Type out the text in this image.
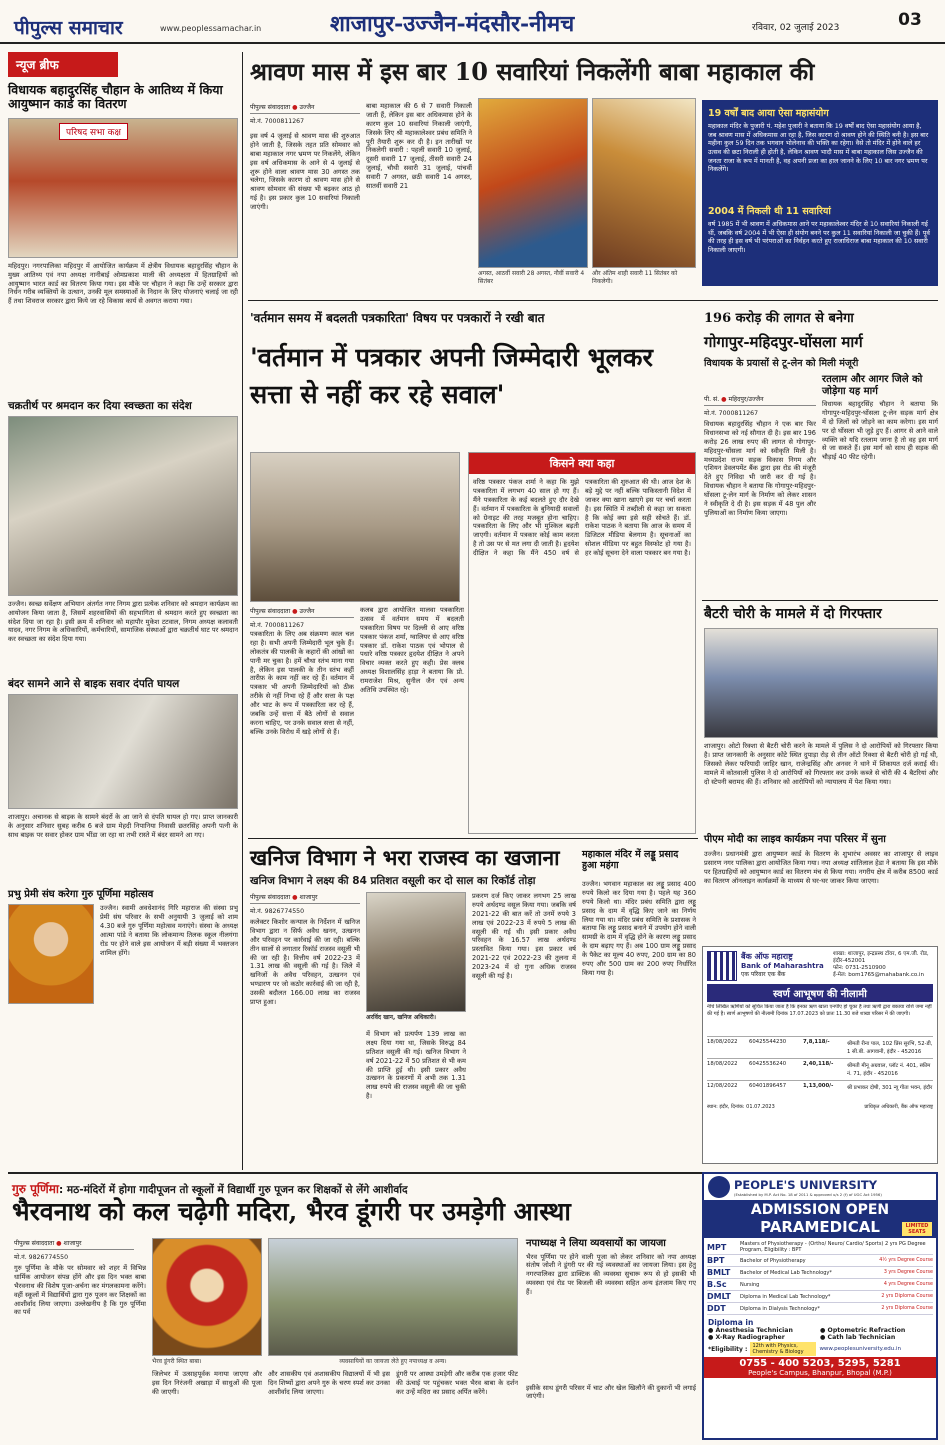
पीपुल्स समाचार	www.peoplessamachar.in	शाजापुर-उज्जैन-मंदसौर-नीमच	रविवार, 02 जुलाई 2023	03
न्यूज ब्रीफ
विधायक बहादुरसिंह चौहान के आतिथ्य में किया आयुष्मान कार्ड का वितरण
परिषद सभा कक्ष
महिदपुर। नगरपालिका महिदपुर में आयोजित कार्यक्रम में क्षेत्रीय विधायक बहादुरसिंह चौहान के मुख्य आतिथ्य एवं नपा अध्यक्ष नानीबाई ओमप्रकाश माली की अध्यक्षता में हितग्राहियों को आयुष्मान भारत कार्ड का वितरण किया गया। इस मौके पर चौहान ने कहा कि उन्हें सरकार द्वारा निर्धन गरीब व्यक्तियों के उत्थान, उनकी मूल समस्याओं के निदान के लिए योजनाएं चलाई जा रही हैं तथा शिवराज सरकार द्वारा किये जा रहे विकास कार्य से अवगत कराया गया।
चक्रतीर्थ पर श्रमदान कर दिया स्वच्छता का संदेश
उज्जैन। स्वच्छ सर्वेक्षण अभियान अंतर्गत नगर निगम द्वारा प्रत्येक शनिवार को श्रमदान कार्यक्रम का आयोजन किया जाता है, जिसमें शहरवासियों की सहभागिता से श्रमदान करते हुए स्वच्छता का संदेश दिया जा रहा है। इसी क्रम में शनिवार को महापौर मुकेश टटवाल, निगम अध्यक्ष कलावती यादव, नगर निगम के अधिकारियों, कर्मचारियों, सामाजिक संस्थाओं द्वारा चक्रतीर्थ घाट पर श्रमदान कर स्वच्छता का संदेश दिया गया।
बंदर सामने आने से बाइक सवार दंपति घायल
शाजापुर। अचानक से बाइक के सामने बंदरों के आ जाने से दंपति घायल हो गए। प्राप्त जानकारी के अनुसार शनिवार सुबह करीब 6 बजे ग्राम मेहदी निपानिया निवासी छतरसिंह अपनी पत्नी के साथ बाइक पर सवार होकर ग्राम भींडा जा रहा था तभी रास्ते में बंदर सामने आ गए।
प्रभु प्रेमी संघ करेगा गुरु पूर्णिमा महोत्सव
उज्जैन। स्वामी अवधेशानंद गिरि महाराज की संस्था प्रभु प्रेमी संघ परिवार के सभी अनुयायी 3 जुलाई को शाम 4.30 बजे गुरु पूर्णिमा महोत्सव मनाएंगे। संस्था के अध्यक्ष आत्मा पांडे ने बताया कि लोकमान्य तिलक स्कूल नीलगंगा रोड पर होने वाले इस आयोजन में बड़ी संख्या में भक्तजन शामिल होंगे।
श्रावण मास में इस बार 10 सवारियां निकलेंगी बाबा महाकाल की
पीपुल्स संवाददाता ● उज्जैन
मो.नं. 7000811267
इस वर्ष 4 जुलाई से श्रावण मास की शुरुआत होने जाती है, जिसके तहत प्रति सोमवार को बाबा महाकाल नगर भ्रमण पर निकलेंगे, लेकिन इस वर्ष अधिकमास के आने से 4 जुलाई से शुरू होने वाला श्रावण मास 30 अगस्त तक चलेगा, जिसके कारण दो श्रावण मास होने से श्रावण सोमवार की संख्या भी बढ़कर आठ हो गई है। इस प्रकार कुल 10 सवारियां निकाली जाएंगी।
बाबा महाकाल की 6 से 7 सवारी निकाली जाती हैं, लेकिन इस बार अधिकमास होने के कारण कुल 10 सवारियां निकाली जाएंगी, जिसके लिए श्री महाकालेश्वर प्रबंध समिति ने पूरी तैयारी शुरू कर दी है। इन तारीखों पर निकलेगी सवारी : पहली सवारी 10 जुलाई, दूसरी सवारी 17 जुलाई, तीसरी सवारी 24 जुलाई, चौथी सवारी 31 जुलाई, पांचवीं सवारी 7 अगस्त, छठी सवारी 14 अगस्त, सातवीं सवारी 21
अगस्त, आठवीं सवारी 28 अगस्त, नौवीं सवारी 4 सितंबर
और अंतिम शाही सवारी 11 सितंबर को निकलेगी।
19 वर्षों बाद आया ऐसा महासंयोग
महाकाल मंदिर के पुजारी पं. महेश पुजारी ने बताया कि 19 वर्षों बाद ऐसा महासंयोग आया है, जब श्रावण मास में अधिकमास आ रहा है, जिस कारण दो श्रावण होने की स्थिति बनी है। इस बार महीना कुल 59 दिन तक भगवान भोलेनाथ की भक्ति का रहेगा। वैसे तो मंदिर में होने वाले हर उत्सव की छटा निराली ही होती है, लेकिन श्रावण भादौ मास में बाबा महाकाल जिस उज्जैन की जनता राजा के रूप में मानती है, वह अपनी प्रजा का हाल जानने के लिए 10 बार नगर भ्रमण पर निकलेंगे।
2004 में निकली थी 11 सवारियां
वर्ष 1985 में भी श्रावण में अधिकमास आने पर महाकालेश्वर मंदिर से 10 सवारियां निकाली गई थीं, जबकि वर्ष 2004 में भी ऐसा ही संयोग बनने पर कुल 11 सवारियां निकाली जा चुकी हैं। पूर्व की तरह ही इस वर्ष भी परंपराओं का निर्वहन करते हुए राजाधिराज बाबा महाकाल की 10 सवारी निकाली जाएगी।
'वर्तमान समय में बदलती पत्रकारिता' विषय पर पत्रकारों ने रखी बात
'वर्तमान में पत्रकार अपनी जिम्मेदारी भूलकर सत्ता से नहीं कर रहे सवाल'
पीपुल्स संवाददाता ● उज्जैन
मो.नं. 7000811267
पत्रकारिता के लिए अब संक्रमण काल चल रहा है। सभी अपनी जिम्मेदारी भूल चुके हैं। लोकतंत्र की पालकी के कहारों की आंखों का पानी मर चुका है। हमें चौथा स्तंभ माना गया है, लेकिन इस पालकी के तीन स्तंभ कहीं तारीफ़ के काम नहीं कर रहे हैं। वर्तमान में पत्रकार भी अपनी जिम्मेदारियों को ठीक तरीके से नहीं निभा रहे हैं और सत्ता के पक्ष और भाट के रूप में पत्रकारिता कर रहे हैं, जबकि उन्हें सत्ता में बैठे लोगों से सवाल करना चाहिए, पर उनके सवाल सत्ता से नहीं, बल्कि उनके विरोध में खड़े लोगों से हैं।
कलब द्वारा आयोजित मालवा पत्रकारिता उत्सव में वर्तमान समय में बदलती पत्रकारिता विषय पर दिल्ली से आए वरिष्ठ पत्रकार पंकज शर्मा, ग्वालियर से आए वरिष्ठ पत्रकार डॉ. राकेश पाठक एवं भोपाल से पधारे वरिष्ठ पत्रकार हृदयेश दीक्षित ने अपने विचार व्यक्त करते हुए कही। प्रेस क्लब अध्यक्ष विशालसिंह हाड़ा ने बताया कि प्रो. रामराजेश मिश्र, सुनील जैन एवं अन्य अतिथि उपस्थित रहे।
किसने क्या कहा
वरिष्ठ पत्रकार पंकज शर्मा ने कहा कि मुझे पत्रकारिता में लगभग 40 साल हो गए हैं। मैंने पत्रकारिता के कई बदलते हुए दौर देखे हैं। वर्तमान में पत्रकारिता के बुनियादी सवालों को ग्रेनाइट की तरह मजबूत होना चाहिए। पत्रकारिता के लिए और भी मुश्किल बढ़ती जाएगी। वर्तमान में पत्रकार कोई काम करता है तो उस पर से मत लगा दी जाती है। हृदयेश दीक्षित ने कहा कि मैंने 450 वर्ष से पत्रकारिता की शुरुआत की थी। आज देश के बड़े मुद्दे पर नहीं बल्कि पाकिस्तानी विदेश में जाकर क्या खाना खाएगे इस पर चर्चा करता है। इस स्थिति में तब्दीली से कहा जा सकता है कि कोई क्या इसे सही सोचते हैं। डॉ. राकेश पाठक ने बताया कि आज के समय में डिजिटल मीडिया बेलगाम है। सूचनाओं का सोशल मीडिया पर बहुत विस्फोट हो गया है। हर कोई सूचना देने वाला पत्रकार बन गया है।
196 करोड़ की लागत से बनेगा
गोगापुर-महिदपुर-घोंसला मार्ग
विधायक के प्रयासों से टू-लेन को मिली मंजूरी
पी. सं. ● महिदपुर/उज्जैन
मो.नं. 7000811267
विधायक बहादुरसिंह चौहान ने एक बार फिर विधानसभा को नई सौगात दी है। इस बार 196 करोड़ 26 लाख रुपए की लागत से गोगापुर-महिदपुर-घोंसला मार्ग को स्वीकृति मिली है। मध्यप्रदेश राज्य सड़क विकास निगम और एशियन डेवलपमेंट बैंक द्वारा इस रोड की मंजूरी देते हुए निविदा भी जारी कर दी गई है। विधायक चौहान ने बताया कि गोगापुर-महिदपुर-घोंसला टू-लेन मार्ग के निर्माण को लेकर शासन ने स्वीकृति दे दी है। इस सड़क में 48 पुल और पुलियाओं का निर्माण किया जाएगा।
रतलाम और आगर जिले को जोड़ेगा यह मार्ग
विधायक बहादुरसिंह चौहान ने बताया कि गोगापुर-महिदपुर-घोंसला टू-लेन सड़क मार्ग क्षेत्र में दो जिलों को जोड़ने का काम करेगा। इस मार्ग पर दो घोंसला भी जुड़े हुए हैं। आगर से आने वाले व्यक्ति को यदि रतलाम जाना है तो वह इस मार्ग से जा सकते हैं। इस मार्ग को साथ ही सड़क की चौड़ाई 40 फीट रहेगी।
बैटरी चोरी के मामले में दो गिरफ्तार
शाजापुर। ओटो रिक्शा से बैटरी चोरी करने के मामले में पुलिस ने दो आरोपियों को गिरफ्तार किया है। प्राप्त जानकारी के अनुसार कोटे स्थित दुपाड़ा रोड़ से तीन ऑटो रिक्शा से बैटरी चोरी हो गई थी, जिसको लेकर फरियादी जाहिर खान, राजेन्द्रसिंह और अनवर ने थाने में शिकायत दर्ज कराई थी। मामले में कोतवाली पुलिस ने दो आरोपियों को गिरफ्तार कर उनके कब्जे से चोरी की 4 बैटरियां और दो स्टेपनी बरामद की हैं। शनिवार को आरोपियों को न्यायालय में पेश किया गया।
पीएम मोदी का लाइव कार्यक्रम नपा परिसर में सुना
उज्जैन। प्रधानमंत्री द्वारा आयुष्मान कार्ड के वितरण के शुभारंभ अवसर का शाजापुर से लाइव प्रसारण नगर पालिका द्वारा आयोजित किया गया। नपा अध्यक्ष शांतिलाल हेडा ने बताया कि इस मौके पर हितग्राहियों को आयुष्मान कार्ड का वितरण मंच से किया गया। नगरीय क्षेत्र में करीब 8500 कार्ड का वितरण ऑनलाइन कार्यक्रमों के माध्यम से घर-घर जाकर किया जाएगा।
खनिज विभाग ने भरा राजस्व का खजाना
खनिज विभाग ने लक्ष्य की 84 प्रतिशत वसूली कर दो साल का रिकॉर्ड तोड़ा
पीपुल्स संवाददाता ● शाजापुर
मो.नं. 9826774550
कलेक्टर किशोर कन्याल के निर्देशन में खनिज विभाग द्वारा न सिर्फ अवैध खनन, उत्खनन और परिवहन पर कार्रवाई की जा रही। बल्कि तीन सालों से लगातार रिकॉर्ड राजस्व वसूली भी की जा रही है। वित्तीय वर्ष 2022-23 में 1.31 लाख की वसूली की गई है। जिले में खनिजों के अवैध परिवहन, उत्खनन एवं भण्डारण पर जो कठोर कार्रवाई की जा रही है, उसकी बदौलत 166.00 लाख का राजस्व प्राप्त हुआ।
अरविंद खान, खनिज अधिकारी।
में विभाग को प्रत्यर्पण 139 लाख का लक्ष्य दिया गया था, जिसके विरुद्ध 84 प्रतिशत वसूली की गई। खनिज विभाग ने वर्ष 2021-22 में 50 प्रतिशत से भी कम की प्राप्ति हुई थी। इसी प्रकार अवैध उत्खनन के प्रकरणों में अभी तक 1.31 लाख रुपये की राजस्व वसूली की जा चुकी है।
प्रकरण दर्ज किए जाकर लगभग 25 लाख रुपये अर्थदण्ड वसूल किया गया। जबकि वर्ष 2021-22 की बात करें तो उनमें रुपये 3 लाख एवं 2022-23 में रुपये 5 लाख की वसूली की गई थी। इसी प्रकार अवैध परिवहन के 16.57 लाख अर्थदण्ड प्रस्तावित किया गया। इस प्रकार वर्ष 2021-22 एवं 2022-23 की तुलना में 2023-24 में दो गुना अधिक राजस्व वसूली की गई है।
महाकाल मंदिर में लड्डू प्रसाद हुआ महंगा
उज्जैन। भगवान महाकाल का लड्डू प्रसाद 400 रुपये किलो कर दिया गया है। पहले यह 360 रुपये किलो था। मंदिर प्रबंध समिति द्वारा लड्डू प्रसाद के दाम में वृद्धि किए जाने का निर्णय लिया गया था। मंदिर प्रबंध समिति के प्रशासक ने बताया कि लड्डू प्रसाद बनाने में उपयोग होने वाली सामग्री के दाम में वृद्धि होने के कारण लड्डू प्रसाद के दाम बढ़ाए गए हैं। अब 100 ग्राम लड्डू प्रसाद के पैकेट का मूल्य 40 रुपए, 200 ग्राम का 80 रुपए और 500 ग्राम का 200 रुपए निर्धारित किया गया है।
बैंक ऑफ महाराष्ट्र
Bank of Maharashtra
एक परिवार एक बैंक
शाखा: शाजापुर, इन्द्रप्रस्थ टॉवर, 6 एम.जी. रोड, इंदौर-452001
फोन: 0731-2510900
ई-मेल: bom1765@mahabank.co.in
स्वर्ण आभूषण की नीलामी
नीचे लिखित ऋणियों को सूचित किया जाता है कि इनका ऋण खाता एनपीए हो चुका है तथा ऋणी द्वारा बकाया राशि जमा नहीं की गई है। स्वर्ण आभूषणों की नीलामी दिनांक 17.07.2023 को प्रातः 11.30 बजे शाखा परिसर में की जाएगी।
18/08/2022	60425544230	7,8,118/-	श्रीमती रीना पाल, 102 प्रिंस सुरभि, 52-डी, 1 सी.बी. आगवानी, इंदौर - 452016
18/08/2022	60425536240	2,40,118/-	श्रीमती मीनू अग्रवाल, प्लॉट नं. 401, स्कीम नं. 71, इंदौर - 452016
12/08/2022	60401896457	1,13,000/-	श्री प्रभाकर दोषी, 301 न्यू गीता भवन, इंदौर
स्थान: इंदौर, दिनांक: 01.07.2023	प्राधिकृत अधिकारी, बैंक ऑफ महाराष्ट्र
गुरु पूर्णिमा: मठ-मंदिरों में होगा गादीपूजन तो स्कूलों में विद्यार्थी गुरु पूजन कर शिक्षकों से लेंगे आशीर्वाद
भैरवनाथ को कल चढ़ेगी मदिरा, भैरव डूंगरी पर उमड़ेगी आस्था
पीपुल्स संवाददाता ● शाजापुर
मो.नं. 9826774550
गुरु पूर्णिमा के मौके पर सोमवार को शहर में विभिन्न धार्मिक आयोजन संपन्न होंगे और इस दिन भक्त बाबा भैरवनाथ की विशेष पूजा-अर्चना कर मंगलकामना करेंगे। वहीं स्कूलों में विद्यार्थियों द्वारा गुरु पूजन कर शिक्षकों का आशीर्वाद लिया जाएगा। उल्लेखनीय है कि गुरु पूर्णिमा का पर्व
भैरव डूंगरी स्थित बाबा।
जिलेभर में उत्साहपूर्वक मनाया जाएगा और इस दिन निरंजनी अखाड़ा में साधुओं की पूजा की जाएगी।
व्यवसायियों का जायजा लेते हुए नपाध्यक्ष व अन्य।
और शासकीय एवं अशासकीय विद्यालयों में भी इस दिन शिष्यों द्वारा अपने गुरु के चरण स्पर्श कर उनका आशीर्वाद लिया जाएगा।
डूंगरी पर आस्था उमड़ेगी और करीब एक हजार फीट की ऊंचाई पर पहुंचकर भक्त भैरव बाबा के दर्शन कर उन्हें मदिरा का प्रसाद अर्पित करेंगे।
नपाध्यक्ष ने लिया व्यवसायों का जायजा
भैरव पूर्णिमा पर होने वाली पूजा को लेकर शनिवार को नपा अध्यक्ष संतोष जोशी ने डूंगरी पर की गई व्यवस्थाओं का जायजा लिया। इस हेतु नगरपालिका द्वारा डाक्टिक की व्यवस्था सुचारू रूप से हो इसकी भी व्यवस्था एवं रोड पर बिजली की व्यवस्था सहित अन्य इंतजाम किए गए हैं।
इसीके साथ डूंगरी परिसर में चाट और खेल खिलौने की दुकानों भी लगाई जाएंगी।
PEOPLE'S UNIVERSITY
(Established by M.P. Act No. 18 of 2011 & approved u/s 2 (f) of UGC Act 1956)
ADMISSION OPEN
PARAMEDICAL	LIMITED SEATS
MPT	Masters of Physiotherapy - (Ortho/ Neuro/ Cardio/ Sports) 2 yrs PG Degree Program, Eligibility : BPT
BPT	Bachelor of Physiotherapy	4½ yrs Degree Course
BMLT	Bachelor of Medical Lab Technology*	3 yrs Degree Course
B.Sc	Nursing	4 yrs Degree Course
DMLT	Diploma in Medical Lab Technology*	2 yrs Diploma Course
DDT	Diploma in Dialysis Technology*	2 yrs Diploma Course
Diploma in
● Anesthesia Technician	● Optometric Refraction
● X-Ray Radiographer	● Cath lab Technician
*Eligibility :	12th with Physics, Chemistry & Biology	www.peoplesuniversity.edu.in
0755 - 400 5203, 5295, 5281
People's Campus, Bhanpur, Bhopal (M.P.)
